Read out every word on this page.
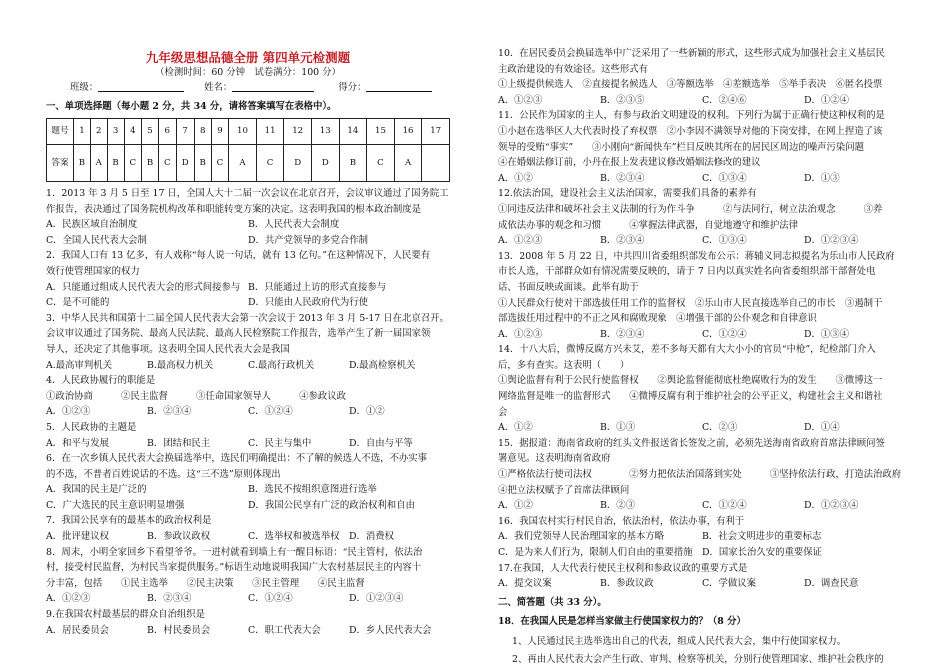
九年级思想品德全册 第四单元检测题
（检测时间：60 分钟　试卷满分：100 分）
班级：	姓名：	得分：
一、单项选择题（每小题 2 分，共 34 分，请将答案填写在表格中）。
题号	1	2	3	4	5	6	7	8	9	10	11	12	13	14	15	16	17
答案	B	A	B	C	B	C	D	B	C	A	C	D	D	B	C	A	
1．2013 年 3 月 5 日至 17 日，全国人大十二届一次会议在北京召开，会议审议通过了国务院工
作报告，表决通过了国务院机构改革和职能转变方案的决定。这表明我国的根本政治制度是
A．民族区域自治制度	B．人民代表大会制度
C．全国人民代表大会制	D．共产党领导的多党合作制
2．我国人口有 13 亿多，有人戏称“每人说一句话，就有 13 亿句。”在这种情况下，人民要有
效行使管理国家的权力
A．只能通过组成人民代表大会的形式间接参与 B．只能通过上访的形式直接参与
C．是不可能的	D．只能由人民政府代为行使
3．中华人民共和国第十二届全国人民代表大会第一次会议于 2013 年 3 月 5-17 日在北京召开。
会议审议通过了国务院、最高人民法院、最高人民检察院工作报告，选举产生了新一届国家领
导人，还决定了其他事项。这表明全国人民代表大会是我国
A.最高审判机关	B.最高权力机关	C.最高行政机关	D.最高检察机关
4．人民政协履行的职能是
①政治协商　　　②民主监督　　　③任命国家领导人　　　④参政议政
A．①②③	B．②③④	C．①②④	D．①②
5．人民政协的主题是
A．和平与发展	B．团结和民主	C．民主与集中	D．自由与平等
6．在一次乡镇人民代表大会换届选举中，选民们明确提出：不了解的候选人不选，不办实事
的不选，不普者百姓说话的不选。这“三不选”原则体现出
A．我国的民主是广泛的	B．选民不按组织意图进行选举
C．广大选民的民主意识明显增强	D．我国公民享有广泛的政治权利和自由
7．我国公民享有的最基本的政治权利是
A．批评建议权	B．参政议政权	C．选举权和被选举权	D．消费权
8．周末，小明全家回乡下看望爷爷。一进村就看到墙上有一醒目标语：“民主管村，依法治
村，接受村民监督，为村民当家提供服务。”标语生动地说明我国广大农村基层民主的内容十
分丰富，包括　　①民主选举　　②民主决策　　③民主管理　　④民主监督
A．①②③	B．②③④	C．①②④	D．①②③④
9.在我国农村最基层的群众自治组织是
A．居民委员会	B．村民委员会	C．职工代表大会	D．乡人民代表大会
10．在居民委员会换届选举中广泛采用了一些新颖的形式，这些形式成为加强社会主义基层民
主政治建设的有效途径。这些形式有
①上级提供候选人　②直接提名候选人　③等额选举　④差额选举　⑤举手表决　⑥匿名投票
A．①②③	B．②③⑤	C．②④⑥	D．①②④
11．公民作为国家的主人，有参与政治文明建设的权利。下列行为属于正确行使这种权利的是
①小赵在选举区人大代表时投了弃权票　②小李因不满领导对他的下岗安排，在网上捏造了该
领导的受贿“事实”　　③小刚向“新闻快车”栏目反映其所在的居民区周边的噪声污染问题
④在婚姻法修订前，小丹在报上发表建议修改婚姻法修改的建议
A．①②	B．②③④	C．①③④	D．①③
12.依法治国，建设社会主义法治国家，需要我们具备的素养有
①同违反法律和破坏社会主义法制的行为作斗争　　　②与法同行，树立法治观念　　　③养
成依法办事的观念和习惯　　　④掌握法律武器，自觉地遵守和维护法律
A．①②③	B．②③④	C．①③④	D．①②③④
13．2008 年 5 月 22 日，中共四川省委组织部发布公示：蒋辅义同志拟提名为乐山市人民政府
市长人选，干部群众如有情况需要反映的，请于 7 日内以真实姓名向省委组织部干部督处电
话、书面反映或面谈。此举有助于
①人民群众行使对干部选拔任用工作的监督权　②乐山市人民直接选举自己的市长　③遏制干
部选拔任用过程中的不正之风和腐败现象　④增强干部的公仆观念和自律意识
A．①②③	B．②③④	C．①②④	D．①③④
14．十八大后，微博反腐方兴未艾，差不多每天都有大大小小的官员“中枪”，纪检部门介入
后，多有查实。这表明（　　）
①舆论监督有利于公民行使监督权　　②舆论监督能彻底杜绝腐败行为的发生　　③微博这一
网络监督是唯一的监督形式　　④微博反腐有利于维护社会的公平正义，构建社会主义和谐社
会
A．①②	B．①③	C．②③	D．①④
15．据报道：海南省政府的红头文件报送省长签发之前，必须先送海南省政府首席法律顾问签
署意见。这表明海南省政府
①严格依法行使司法权　　　　②努力把依法治国落到实处　　　③坚持依法行政，打造法治政府
④把立法权赋予了首席法律顾问
A．①②	B．②③	C．①②④	D．①②③④
16．我国农村实行村民自治，依法治村，依法办事，有利于
A．我们党领导人民治理国家的基本方略	B．社会文明进步的重要标志
C．是为来人们行为，限制人们自由的重要措施 D．国家长治久安的重要保证
17.在我国，人大代表行使民主权利和参政议政的重要方式是
A．提交议案	B．参政议政	C．学做议案	D．调查民意
二、简答题（共 33 分）。
18．在我国人民是怎样当家做主行使国家权力的？（8 分）
1、人民通过民主选举选出自己的代表，组成人民代表大会，集中行使国家权力。
2、再由人民代表大会产生行政、审判、检察等机关，分别行使管理国家、维护社会秩序的
